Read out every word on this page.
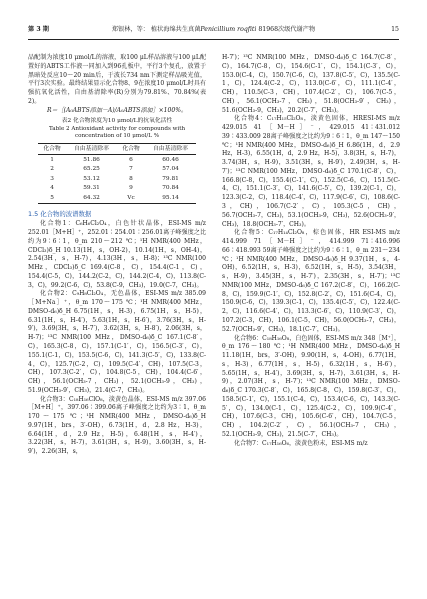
第 3 期	郑银林，等： 植状海绵共生真菌Penicillium roqfiti 81968次级代谢产物	15

品配制为浓度10 μmol/L的溶液，取100 μL样品溶液与100 μL配置好的ABTS工作液一同加入到96孔板中，平行3个复孔，放置于黑暗处反应10～20 min后，于波长734 nm下测定样品吸光值，平行3次实验。最终结果显示化合物8、9在浓度10 μmol/L时具有强抗氧化活性，自由基清除率(R)分别为79.81%、70.84%(表2)。

R＝［(A₀ABTS添加－A)/A₀ABTS添加］×100%。

表2 化合物浓度为10 μmol/L的抗氧化活性
Table 2 Antioxidant activity for compounds with
concentration of 10 μmol/L %
化合物	自由基清除率	化合物	自由基清除率
1	51.86	6	60.46
2	65.25	7	57.04
3	53.12	8	79.81
4	59.31	9	70.84
5	64.32	Vc	95.14

1.5 化合物的波谱数据

化合物1：C₆H₆Cl₂O₄，白色针状晶体，ESI-MS m/z 252.01［M+H］⁺，252.01∶254.01∶256.01离子峰强度之比约为9∶6∶1，θ_m 210～212 ℃；¹H NMR(400 MHz，CDCl₃)δ_H 10.13(1H，s，OH-2)，10.14(1H，s，OH-4)，2.54(3H，s，H-7)，4.13(3H，s，H-8)；¹³C NMR(100 MHz，CDCl₃)δ_C 169.4(C-8，C)，154.4(C-1，C)，154.4(C-5，C)，144.2(C-2，C)，144.2(C-4，C)，113.8(C-3，C)，99.2(C-6，C)，53.8(C-9，CH₃)，19.0(C-7，CH₃)。

化合物2：C₉H₈Cl₂O₄，无色晶体，ESI-MS m/z 385.09［M+Na］⁺，θ_m 170～175 ℃；¹H NMR(400 MHz，DMSO-d₆)δ_H 6.75(1H，s，H-3)，6.75(1H，s，H-5)，6.31(1H，s，H-4′)，5.63(1H，s，H-6′)，3.76(3H，s，H-9′)，3.69(3H，s，H-7′)，3.62(3H，s，H-8′)，2.06(3H，s，H-7)；¹³C NMR(100 MHz，DMSO-d₆)δ_C 167.1(C-8′，C)，165.3(C-8，C)，157.1(C-1′，C)，156.5(C-3′，C)，155.1(C-1，C)，153.5(C-6，C)，141.3(C-5′，C)，133.8(C-4，C)，125.7(C-2，C)，109.5(C-4′，CH)，107.5(C-3，CH)，107.3(C-2′，C)，104.8(C-5，CH)，104.4(C-6′，CH)，56.1(OCH₃-7，CH₃)，52.1(OCH₃-9，CH₃)，51.9(OCH₃-9′，CH₃)，21.4(C-7，CH₃)。

化合物3：C₁₈H₁₆ClO₈，淡黄色晶体，ESI-MS m/z 397.06［M+H］⁺，397.06∶399.06离子峰强度之比约为3∶1，θ_m 170～175 ℃；¹H NMR(400 MHz，DMSO-d₆)δ_H 9.97(1H，brs，3′-OH)，6.73(1H，d，2.8 Hz，H-3)，6.64(1H，d，2.9 Hz，H-5)，6.48(1H，s，H-4′)，3.22(3H，s，H-7)，3.61(3H，s，H-9)，3.60(3H，s，H-9′)，2.26(3H，s，

H-7′)；¹³C NMR(100 MHz，DMSO-d₆)δ_C 164.7(C-8′，C)，164.7(C-8，C)，154.6(C-1′，C)，154.1(C-3′，C)，153.0(C-4，C)，150.7(C-6，C)，137.8(C-5′，C)，135.5(C-1，C)，124.4(C-2，C)，113.0(C-6′，C)，111.1(C-4′，CH)，110.5(C-3，CH)，107.4(C-2′，C)，106.7(C-5，CH)，56.1(OCH₃-7，CH₃)，51.8(OCH₃-9′，CH₃)，51.6(OCH₃-9，CH₃)，20.2(C-7′，CH₃)。

化合物4：C₁₇H₁₅Cl₂O₈，淡黄色固体，HRESI-MS m/z 429.015 41［M－H］⁻，429.015 41∶431.012 39∶433.009 28离子峰强度之比约为9∶6∶1，θ_m 147～150 ℃；¹H NMR(400 MHz，DMSO-d₆)δ_H 6.86(1H，d，2.9 Hz，H-3)，6.55(1H，d，2.9 Hz，H-5)，3.8(3H，s，H-7)，3.74(3H，s，H-9)，3.51(3H，s，H-9′)，2.49(3H，s，H-7′)；¹³C NMR(100 MHz，DMSO-d₆)δ_C 170.1(C-8′，C)，166.8(C-8，C)，155.4(C-1′，C)，152.5(C-6，C)，151.5(C-4，C)，151.1(C-3′，C)，141.6(C-5′，C)，139.2(C-1，C)，123.3(C-2，C)，118.4(C-4′，C)，117.9(C-6′，C)，108.6(C-3，CH)，106.7(C-2′，C)，105.3(C-5，CH)，56.7(OCH₃-7，CH₃)，53.1(OCH₃-9，CH₃)，52.6(OCH₃-9′，CH₃)，18.8(OCH₃-7′，CH₃)。

化合物5：C₁₇H₁₄Cl₂O₈，棕色固体，HR ESI-MS m/z 414.999 71［M－H］⁻，414.999 71∶416.996 66∶418.993 59离子峰强度之比约为9∶6∶1，θ_m 231～234 ℃；¹H NMR(400 MHz，DMSO-d₆)δ_H 9.37(1H，s，4-OH)，6.52(1H，s，H-3)，6.52(1H，s，H-5)，3.54(3H，s，H-9)，3.45(3H，s，H-7′)，2.35(3H，s，H-7′)；¹³C NMR(100 MHz，DMSO-d₆)δ_C 167.2(C-8′，C)，166.2(C-8，C)，159.9(C-1′，C)，152.8(C-2′，C)，151.6(C-4，C)，150.9(C-6，C)，139.3(C-1，C)，135.4(C-5′，C)，122.4(C-2，C)，116.6(C-4′，C)，113.3(C-6′，C)，110.9(C-3′，C)，107.2(C-3，CH)，106.1(C-5，CH)，56.0(OCH₃-7，CH₃)，52.7(OCH₃-9′，CH₃)，18.1(C-7′，CH₃)。

化合物6：C₁₈H₁₆O₈，白色固体，ESI-MS m/z 348［M⁺］，θ_m 176～180 ℃；¹H NMR(400 MHz，DMSO-d₆)δ_H 11.18(1H，brs，3′-OH)，9.90(1H，s，4-OH)，6.77(1H，s，H-3)，6.77(1H，s，H-5)，6.32(1H，s，H-6′)，5.65(1H，s，H-4′)，3.69(3H，s，H-7)，3.61(3H，s，H-9)，2.07(3H，s，H-7′)；¹³C NMR(100 MHz，DMSO-d₆)δ_C 170.3(C-8′，C)，165.8(C-8，C)，159.8(C-3′，C)，158.5(C-1′，C)，155.1(C-4，C)，153.4(C-6，C)，143.3(C-5′，C)，134.0(C-1，C)，125.4(C-2，C)，109.9(C-4′，CH)，107.6(C-3，CH)，105.6(C-6′，CH)，104.7(C-5，CH)，104.2(C-2′，C)，56.1(OCH₃-7，CH₃)，52.1(OCH₃-9，CH₃)，21.5(C-7′，CH₃)。

化合物7：C₁₇H₁₆O₆，淡黄色粉末，ESI-MS m/z
